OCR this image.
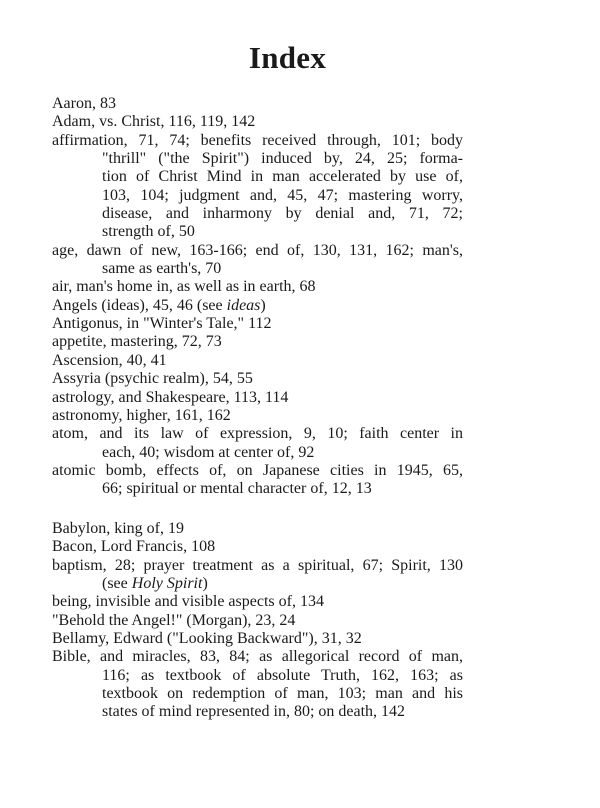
Index
Aaron, 83
Adam, vs. Christ, 116, 119, 142
affirmation, 71, 74; benefits received through, 101; body
"thrill" ("the Spirit") induced by, 24, 25; forma-
tion of Christ Mind in man accelerated by use of,
103, 104; judgment and, 45, 47; mastering worry,
disease, and inharmony by denial and, 71, 72;
strength of, 50
age, dawn of new, 163-166; end of, 130, 131, 162; man's,
same as earth's, 70
air, man's home in, as well as in earth, 68
Angels (ideas), 45, 46 (see ideas)
Antigonus, in "Winter's Tale," 112
appetite, mastering, 72, 73
Ascension, 40, 41
Assyria (psychic realm), 54, 55
astrology, and Shakespeare, 113, 114
astronomy, higher, 161, 162
atom, and its law of expression, 9, 10; faith center in
each, 40; wisdom at center of, 92
atomic bomb, effects of, on Japanese cities in 1945, 65,
66; spiritual or mental character of, 12, 13
Babylon, king of, 19
Bacon, Lord Francis, 108
baptism, 28; prayer treatment as a spiritual, 67; Spirit, 130
(see Holy Spirit)
being, invisible and visible aspects of, 134
"Behold the Angel!" (Morgan), 23, 24
Bellamy, Edward ("Looking Backward"), 31, 32
Bible, and miracles, 83, 84; as allegorical record of man,
116; as textbook of absolute Truth, 162, 163; as
textbook on redemption of man, 103; man and his
states of mind represented in, 80; on death, 142
